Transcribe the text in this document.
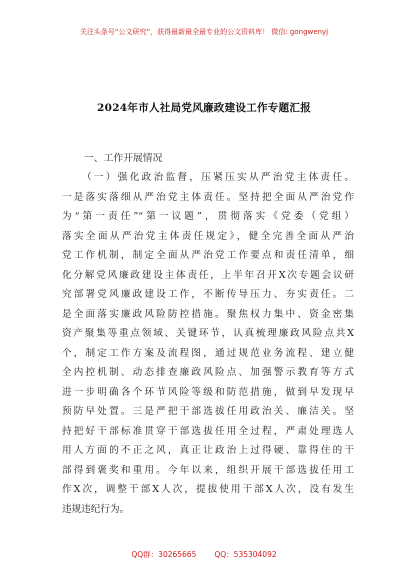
关注头条号“公文研究”，获得最新最全最专业的公文资料库！ 微信: gongwenyj
2024年市人社局党风廉政建设工作专题汇报
一、工作开展情况
（一）强化政治监督，压紧压实从严治党主体责任。
一是落实落细从严治党主体责任。坚持把全面从严治党作
为“第一责任”“第一议题”，贯彻落实《党委（党组）
落实全面从严治党主体责任规定》，健全完善全面从严治
党工作机制，制定全面从严治党工作要点和责任清单，细
化分解党风廉政建设主体责任，上半年召开X次专题会议研
究部署党风廉政建设工作，不断传导压力、夯实责任。二
是全面落实廉政风险防控措施。聚焦权力集中、资金密集
资产聚集等重点领域、关键环节，认真梳理廉政风险点共X
个，制定工作方案及流程图，通过规范业务流程、建立健
全内控机制、动态排查廉政风险点、加强警示教育等方式
进一步明确各个环节风险等级和防范措施，做到早发现早
预防早处置。三是严把干部选拔任用政治关、廉洁关。坚
持把好干部标准贯穿干部选拔任用全过程，严肃处理选人
用人方面的不正之风，真正让政治上过得硬、靠得住的干
部得到褒奖和重用。今年以来，组织开展干部选拔任用工
作X次，调整干部X人次，提拔使用干部X人次，没有发生
违规违纪行为。
QQ群：30265665 QQ：535304092
